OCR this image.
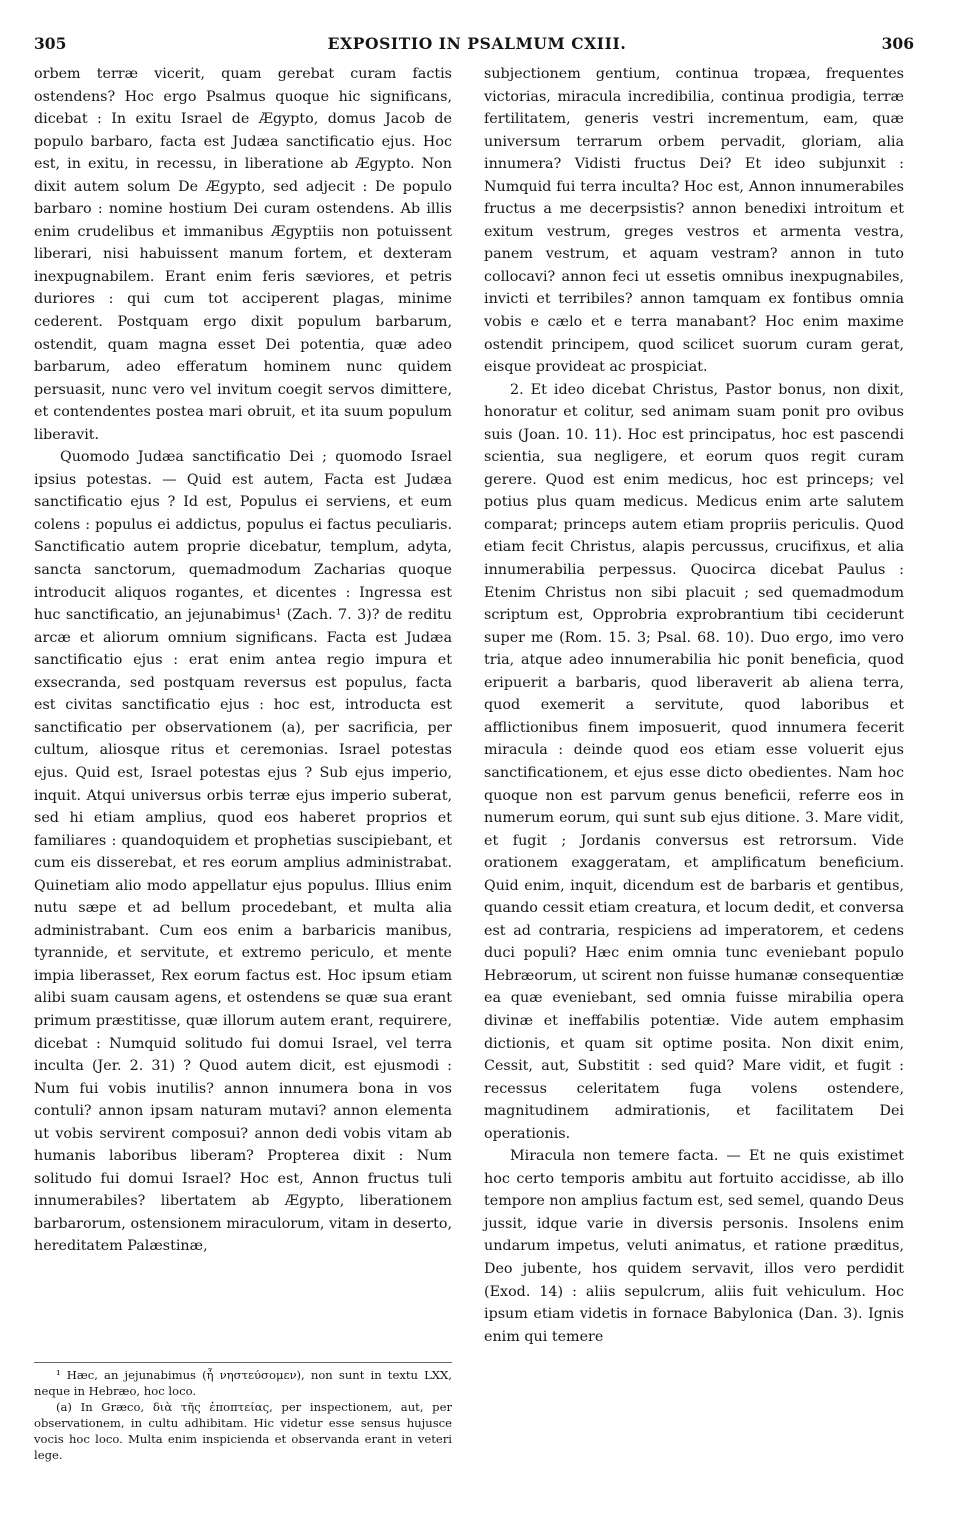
305	EXPOSITIO IN PSALMUM CXIII.	306

orbem terræ vicerit, quam gerebat curam factis ostendens? Hoc ergo Psalmus quoque hic significans, dicebat : In exitu Israel de Ægypto, domus Jacob de populo barbaro, facta est Judæa sanctificatio ejus. Hoc est, in exitu, in recessu, in liberatione ab Ægypto. Non dixit autem solum De Ægypto, sed adjecit : De populo barbaro : nomine hostium Dei curam ostendens. Ab illis enim crudelibus et immanibus Ægyptiis non potuissent liberari, nisi habuissent manum fortem, et dexteram inexpugnabilem. Erant enim feris sæviores, et petris duriores : qui cum tot acciperent plagas, minime cederent. Postquam ergo dixit populum barbarum, ostendit, quam magna esset Dei potentia, quæ adeo barbarum, adeo efferatum hominem nunc quidem persuasit, nunc vero vel invitum coegit servos dimittere, et contendentes postea mari obruit, et ita suum populum liberavit.

Quomodo Judæa sanctificatio Dei ; quomodo Israel ipsius potestas. — Quid est autem, Facta est Judæa sanctificatio ejus ? Id est, Populus ei serviens, et eum colens : populus ei addictus, populus ei factus peculiaris. Sanctificatio autem proprie dicebatur, templum, adyta, sancta sanctorum, quemadmodum Zacharias quoque introducit aliquos rogantes, et dicentes : Ingressa est huc sanctificatio, an jejunabimus¹ (Zach. 7. 3)? de reditu arcæ et aliorum omnium significans. Facta est Judæa sanctificatio ejus : erat enim antea regio impura et exsecranda, sed postquam reversus est populus, facta est civitas sanctificatio ejus : hoc est, introducta est sanctificatio per observationem (a), per sacrificia, per cultum, aliosque ritus et ceremonias. Israel potestas ejus. Quid est, Israel potestas ejus ? Sub ejus imperio, inquit. Atqui universus orbis terræ ejus imperio suberat, sed hi etiam amplius, quod eos haberet proprios et familiares : quandoquidem et prophetias suscipiebant, et cum eis disserebat, et res eorum amplius administrabat. Quinetiam alio modo appellatur ejus populus. Illius enim nutu sæpe et ad bellum procedebant, et multa alia administrabant. Cum eos enim a barbaricis manibus, tyrannide, et servitute, et extremo periculo, et mente impia liberasset, Rex eorum factus est. Hoc ipsum etiam alibi suam causam agens, et ostendens se quæ sua erant primum præstitisse, quæ illorum autem erant, requirere, dicebat : Numquid solitudo fui domui Israel, vel terra inculta (Jer. 2. 31) ? Quod autem dicit, est ejusmodi : Num fui vobis inutilis? annon innumera bona in vos contuli? annon ipsam naturam mutavi? annon elementa ut vobis servirent composui? annon dedi vobis vitam ab humanis laboribus liberam? Propterea dixit : Num solitudo fui domui Israel? Hoc est, Annon fructus tuli innumerabiles? libertatem ab Ægypto, liberationem barbarorum, ostensionem miraculorum, vitam in deserto, hereditatem Palæstinæ,

subjectionem gentium, continua tropæa, frequentes victorias, miracula incredibilia, continua prodigia, terræ fertilitatem, generis vestri incrementum, eam, quæ universum terrarum orbem pervadit, gloriam, alia innumera? Vidisti fructus Dei? Et ideo subjunxit : Numquid fui terra inculta? Hoc est, Annon innumerabiles fructus a me decerpsistis? annon benedixi introitum et exitum vestrum, greges vestros et armenta vestra, panem vestrum, et aquam vestram? annon in tuto collocavi? annon feci ut essetis omnibus inexpugnabiles, invicti et terribiles? annon tamquam ex fontibus omnia vobis e cælo et e terra manabant? Hoc enim maxime ostendit principem, quod scilicet suorum curam gerat, eisque provideat ac prospiciat.

2. Et ideo dicebat Christus, Pastor bonus, non dixit, honoratur et colitur, sed animam suam ponit pro ovibus suis (Joan. 10. 11). Hoc est principatus, hoc est pascendi scientia, sua negligere, et eorum quos regit curam gerere. Quod est enim medicus, hoc est princeps; vel potius plus quam medicus. Medicus enim arte salutem comparat; princeps autem etiam propriis periculis. Quod etiam fecit Christus, alapis percussus, crucifixus, et alia innumerabilia perpessus. Quocirca dicebat Paulus : Etenim Christus non sibi placuit ; sed quemadmodum scriptum est, Opprobria exprobrantium tibi ceciderunt super me (Rom. 15. 3; Psal. 68. 10). Duo ergo, imo vero tria, atque adeo innumerabilia hic ponit beneficia, quod eripuerit a barbaris, quod liberaverit ab aliena terra, quod exemerit a servitute, quod laboribus et afflictionibus finem imposuerit, quod innumera fecerit miracula : deinde quod eos etiam esse voluerit ejus sanctificationem, et ejus esse dicto obedientes. Nam hoc quoque non est parvum genus beneficii, referre eos in numerum eorum, qui sunt sub ejus ditione. 3. Mare vidit, et fugit ; Jordanis conversus est retrorsum. Vide orationem exaggeratam, et amplificatum beneficium. Quid enim, inquit, dicendum est de barbaris et gentibus, quando cessit etiam creatura, et locum dedit, et conversa est ad contraria, respiciens ad imperatorem, et cedens duci populi? Hæc enim omnia tunc eveniebant populo Hebræorum, ut scirent non fuisse humanæ consequentiæ ea quæ eveniebant, sed omnia fuisse mirabilia opera divinæ et ineffabilis potentiæ. Vide autem emphasim dictionis, et quam sit optime posita. Non dixit enim, Cessit, aut, Substitit : sed quid? Mare vidit, et fugit : recessus celeritatem fuga volens ostendere, magnitudinem admirationis, et facilitatem Dei operationis.

Miracula non temere facta. — Et ne quis existimet hoc certo temporis ambitu aut fortuito accidisse, ab illo tempore non amplius factum est, sed semel, quando Deus jussit, idque varie in diversis personis. Insolens enim undarum impetus, veluti animatus, et ratione præditus, Deo jubente, hos quidem servavit, illos vero perdidit (Exod. 14) : aliis sepulcrum, aliis fuit vehiculum. Hoc ipsum etiam videtis in fornace Babylonica (Dan. 3). Ignis enim qui temere

¹ Hæc, an jejunabimus (ἦ νηστεύσομεν), non sunt in textu LXX, neque in Hebræo, hoc loco.

(a) In Græco, διὰ τῆς ἐποπτείας, per inspectionem, aut, per observationem, in cultu adhibitam. Hic videtur esse sensus hujusce vocis hoc loco. Multa enim inspicienda et observanda erant in veteri lege.
